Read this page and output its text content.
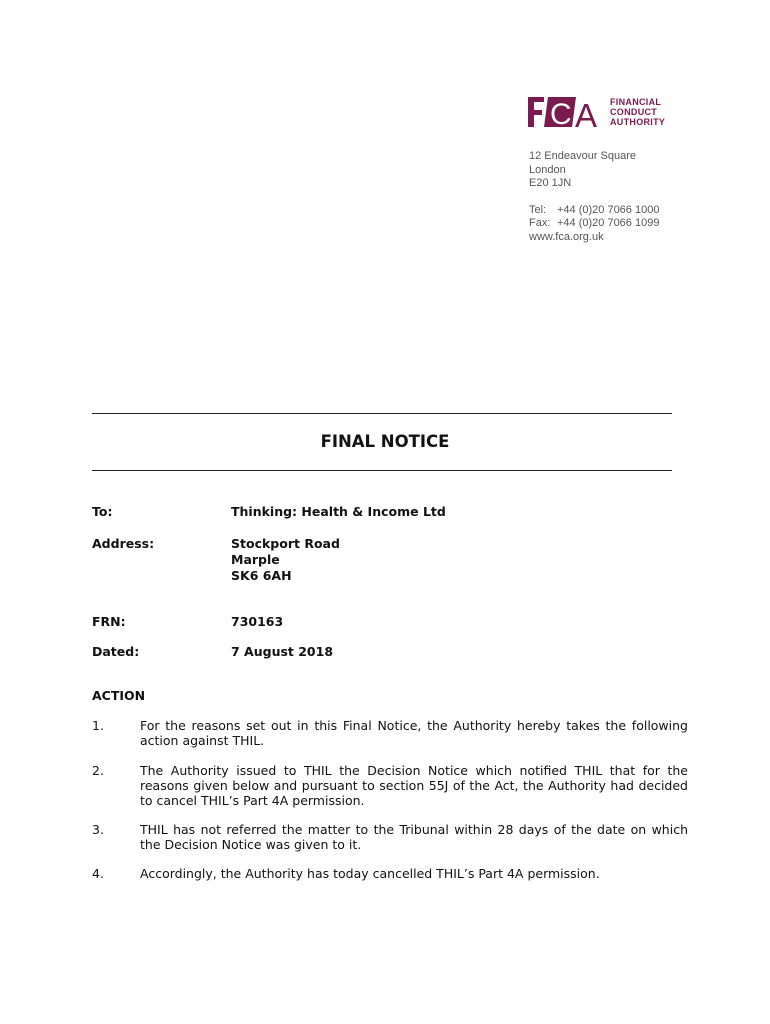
C A FINANCIAL
CONDUCT
AUTHORITY
12 Endeavour Square
London
E20 1JN
Tel: +44 (0)20 7066 1000
Fax: +44 (0)20 7066 1099
www.fca.org.uk
FINAL NOTICE
To:	Thinking: Health & Income Ltd
Address:	Stockport Road
Marple
SK6 6AH
FRN:	730163
Dated:	7 August 2018
ACTION
1.	For the reasons set out in this Final Notice, the Authority hereby takes the following action against THIL.
2.	The Authority issued to THIL the Decision Notice which notified THIL that for the reasons given below and pursuant to section 55J of the Act, the Authority had decided to cancel THIL’s Part 4A permission.
3.	THIL has not referred the matter to the Tribunal within 28 days of the date on which the Decision Notice was given to it.
4.	Accordingly, the Authority has today cancelled THIL’s Part 4A permission.
